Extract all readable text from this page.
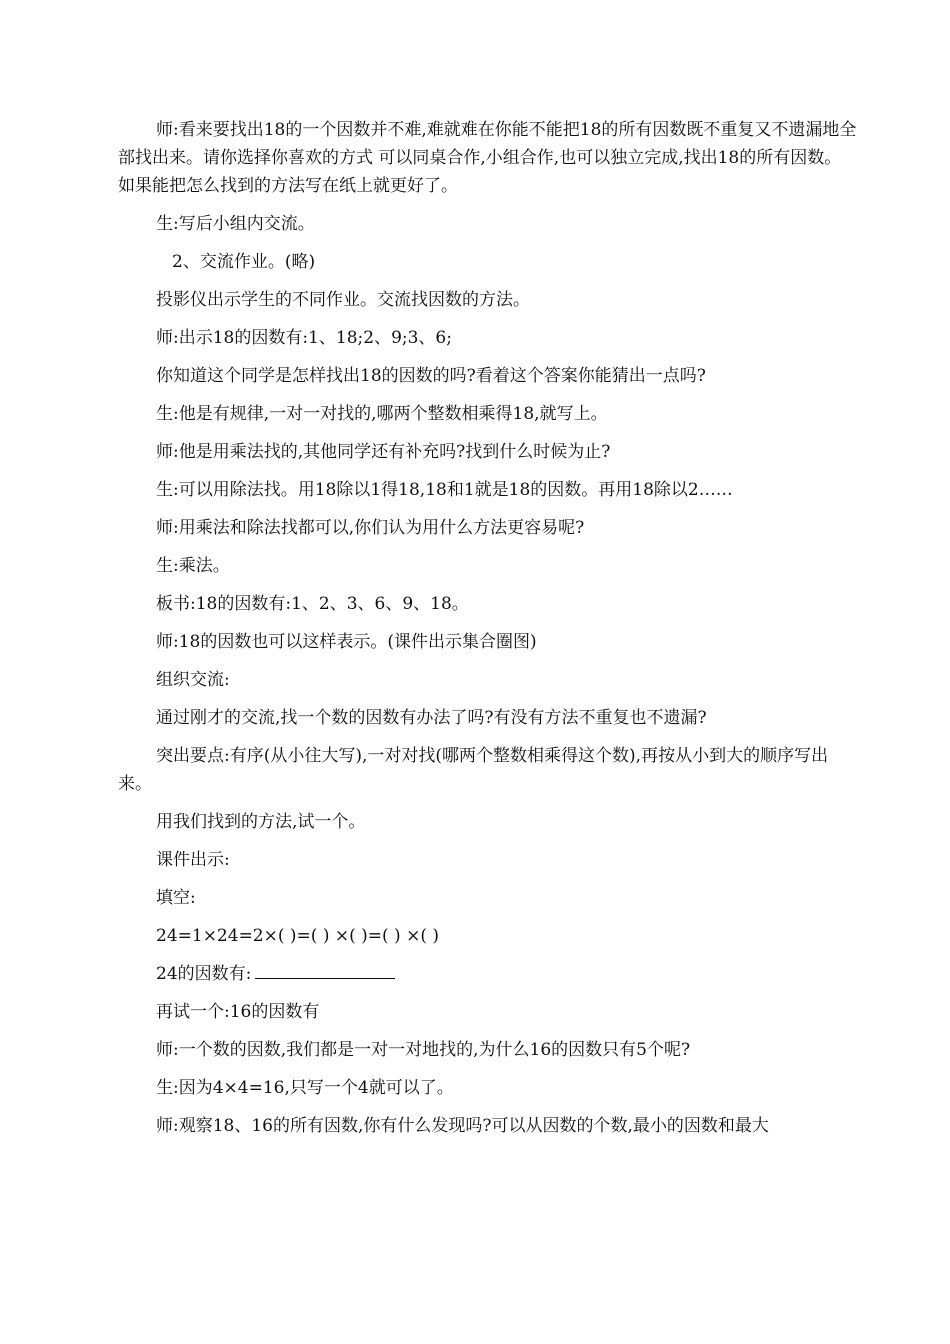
师:看来要找出18的一个因数并不难,难就难在你能不能把18的所有因数既不重复又不遗漏地全部找出来。请你选择你喜欢的方式 可以同桌合作,小组合作,也可以独立完成,找出18的所有因数。如果能把怎么找到的方法写在纸上就更好了。

生:写后小组内交流。

2、交流作业。(略)

投影仪出示学生的不同作业。交流找因数的方法。

师:出示18的因数有:1、18;2、9;3、6;

你知道这个同学是怎样找出18的因数的吗?看着这个答案你能猜出一点吗?

生:他是有规律,一对一对找的,哪两个整数相乘得18,就写上。

师:他是用乘法找的,其他同学还有补充吗?找到什么时候为止?

生:可以用除法找。用18除以1得18,18和1就是18的因数。再用18除以2……

师:用乘法和除法找都可以,你们认为用什么方法更容易呢?

生:乘法。

板书:18的因数有:1、2、3、6、9、18。

师:18的因数也可以这样表示。(课件出示集合圈图)

组织交流:

通过刚才的交流,找一个数的因数有办法了吗?有没有方法不重复也不遗漏?

突出要点:有序(从小往大写),一对对找(哪两个整数相乘得这个数),再按从小到大的顺序写出来。

用我们找到的方法,试一个。

课件出示:

填空:

24=1×24=2×( )=( ) ×( )=( ) ×( )

24的因数有:

再试一个:16的因数有

师:一个数的因数,我们都是一对一对地找的,为什么16的因数只有5个呢?

生:因为4×4=16,只写一个4就可以了。

师:观察18、16的所有因数,你有什么发现吗?可以从因数的个数,最小的因数和最大
